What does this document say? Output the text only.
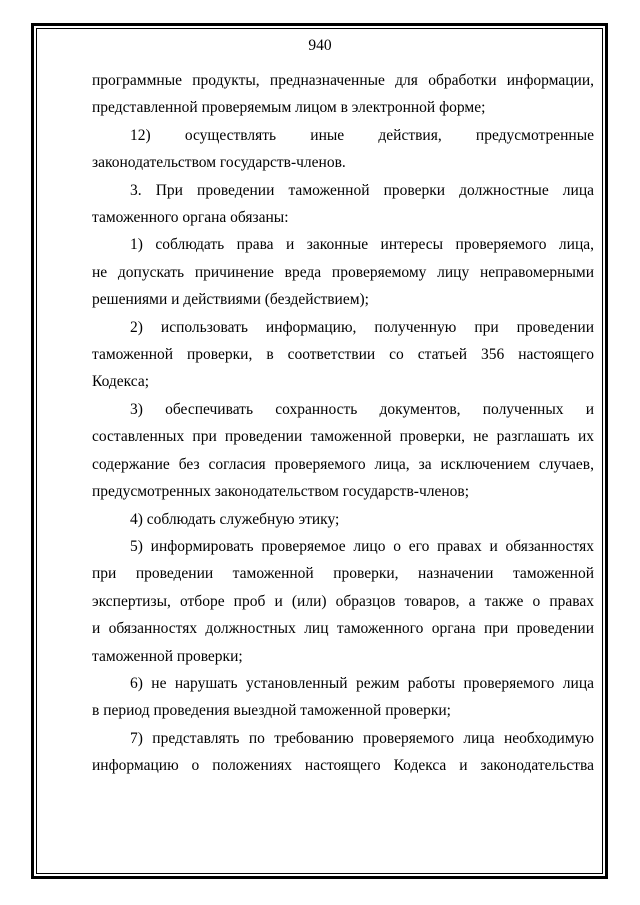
940

программные продукты, предназначенные для обработки информации,
представленной проверяемым лицом в электронной форме;

12) осуществлять иные действия, предусмотренные
законодательством государств-членов.

3. При проведении таможенной проверки должностные лица
таможенного органа обязаны:

1) соблюдать права и законные интересы проверяемого лица,
не допускать причинение вреда проверяемому лицу неправомерными
решениями и действиями (бездействием);

2) использовать информацию, полученную при проведении
таможенной проверки, в соответствии со статьей 356 настоящего
Кодекса;

3) обеспечивать сохранность документов, полученных и
составленных при проведении таможенной проверки, не разглашать их
содержание без согласия проверяемого лица, за исключением случаев,
предусмотренных законодательством государств-членов;

4) соблюдать служебную этику;

5) информировать проверяемое лицо о его правах и обязанностях
при проведении таможенной проверки, назначении таможенной
экспертизы, отборе проб и (или) образцов товаров, а также о правах
и обязанностях должностных лиц таможенного органа при проведении
таможенной проверки;

6) не нарушать установленный режим работы проверяемого лица
в период проведения выездной таможенной проверки;

7) представлять по требованию проверяемого лица необходимую
информацию о положениях настоящего Кодекса и законодательства
